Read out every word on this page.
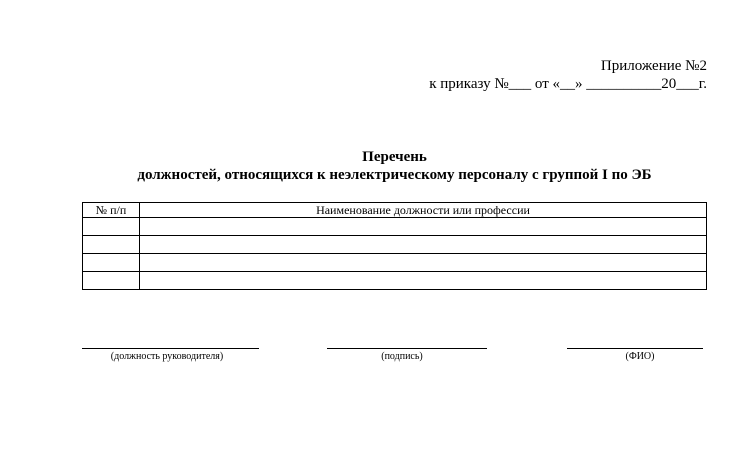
Приложение №2
к приказу №___ от «__» __________20___г.
Перечень
должностей, относящихся к неэлектрическому персоналу с группой I по ЭБ
№ п/п	Наименование должности или профессии

(должность руководителя)	(подпись)	(ФИО)
